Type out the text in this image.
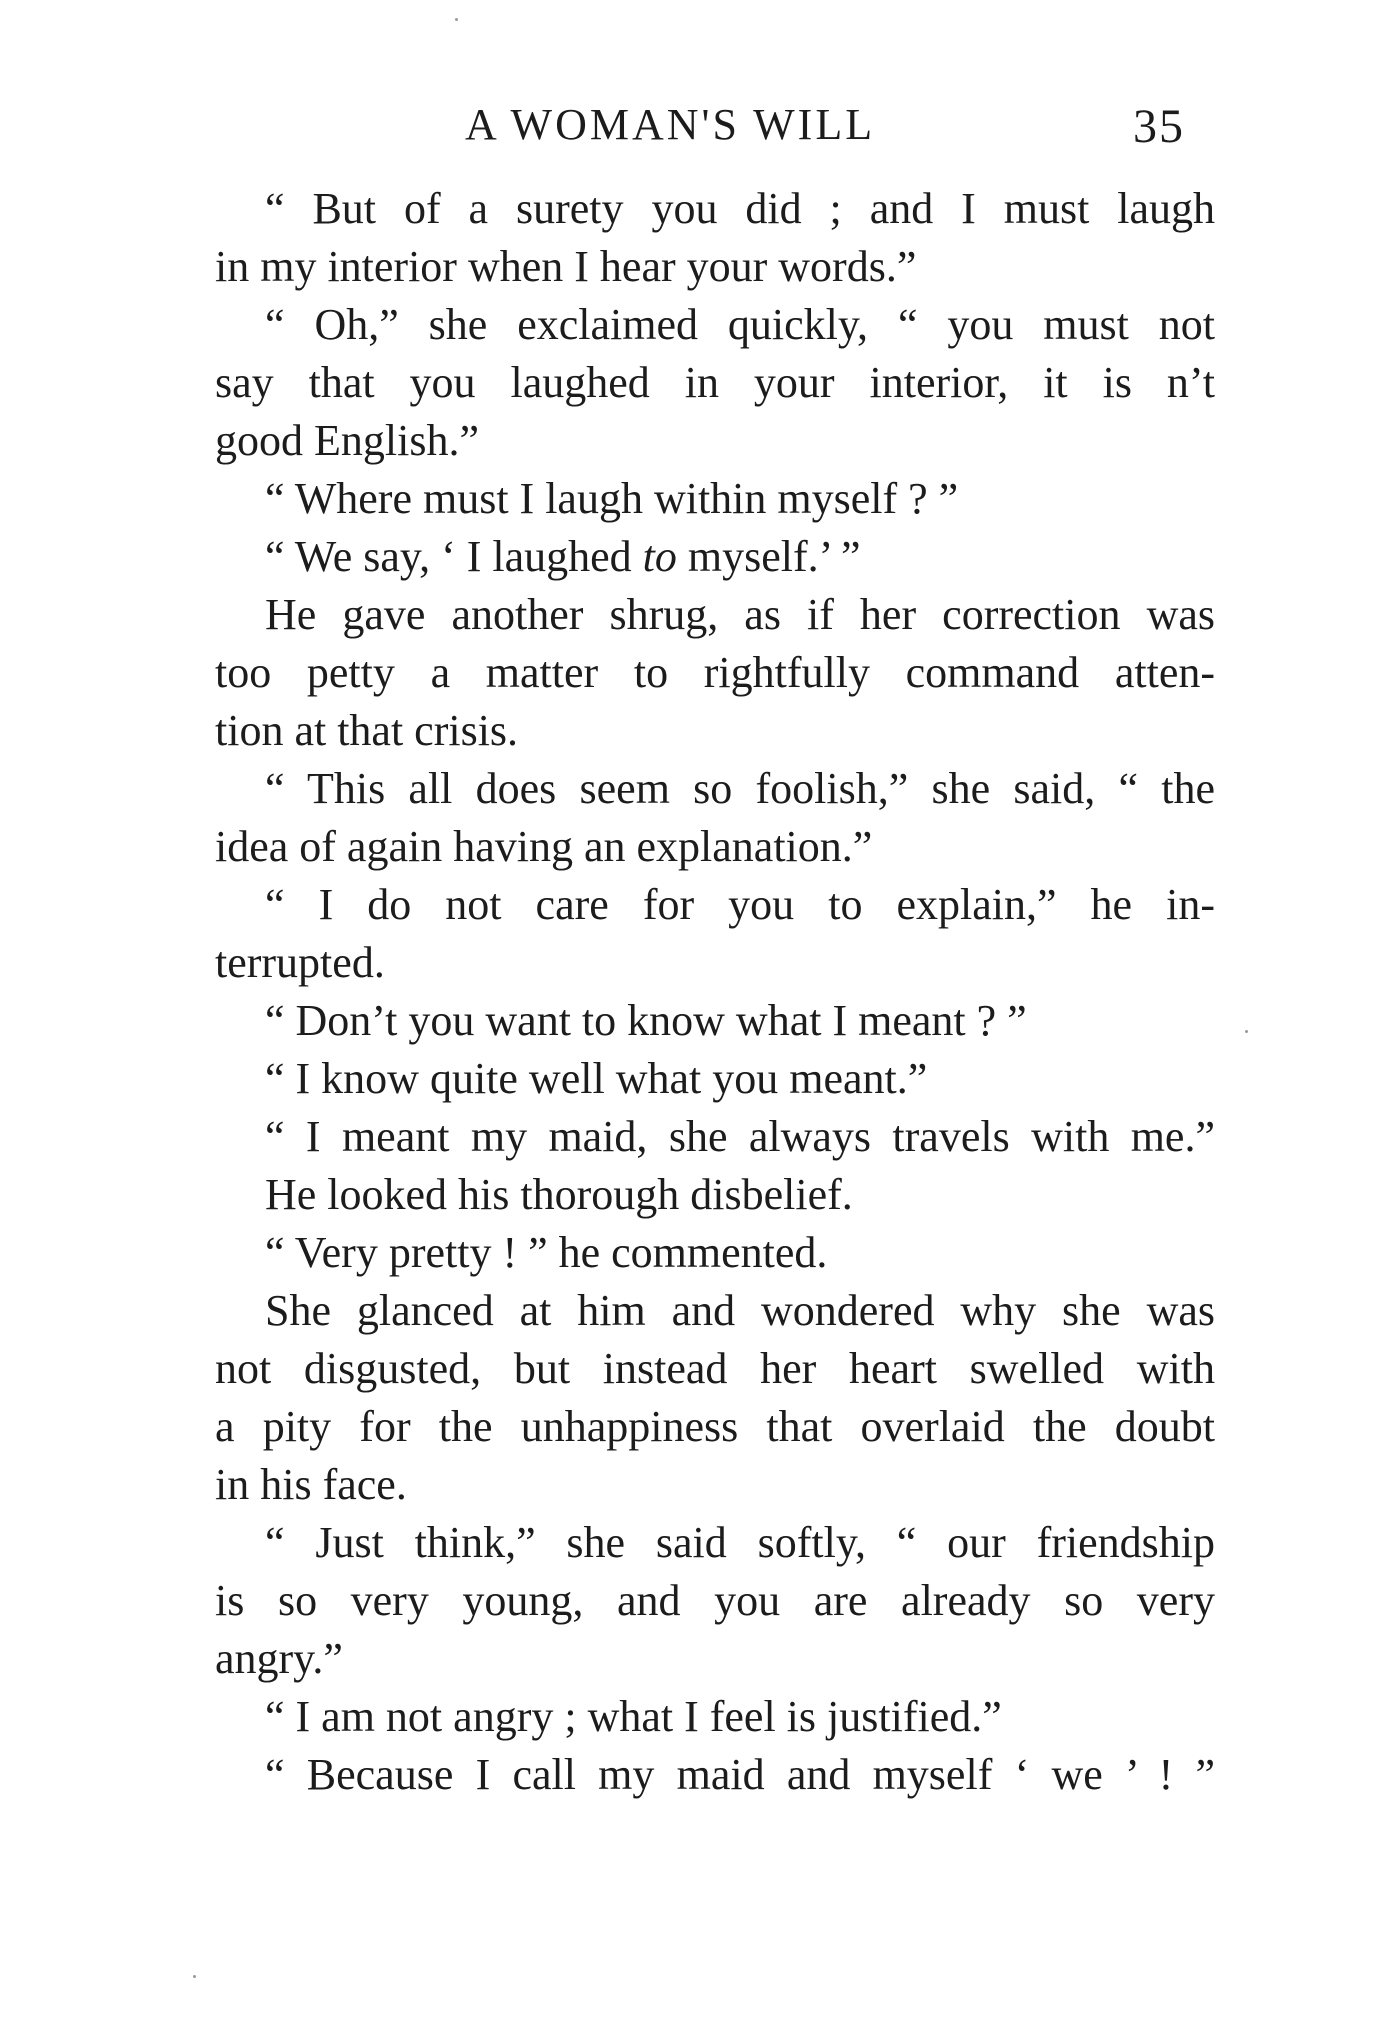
A WOMAN'S WILL	35
“ But of a surety you did ; and I must laugh
in my interior when I hear your words.”
“ Oh,” she exclaimed quickly, “ you must not
say that you laughed in your interior, it is n’t
good English.”
“ Where must I laugh within myself ? ”
“ We say, ‘ I laughed to myself.’ ”
He gave another shrug, as if her correction was
too petty a matter to rightfully command atten-
tion at that crisis.
“ This all does seem so foolish,” she said, “ the
idea of again having an explanation.”
“ I do not care for you to explain,” he in-
terrupted.
“ Don’t you want to know what I meant ? ”
“ I know quite well what you meant.”
“ I meant my maid, she always travels with me.”
He looked his thorough disbelief.
“ Very pretty ! ” he commented.
She glanced at him and wondered why she was
not disgusted, but instead her heart swelled with
a pity for the unhappiness that overlaid the doubt
in his face.
“ Just think,” she said softly, “ our friendship
is so very young, and you are already so very
angry.”
“ I am not angry ; what I feel is justified.”
“ Because I call my maid and myself ‘ we ’ ! ”
